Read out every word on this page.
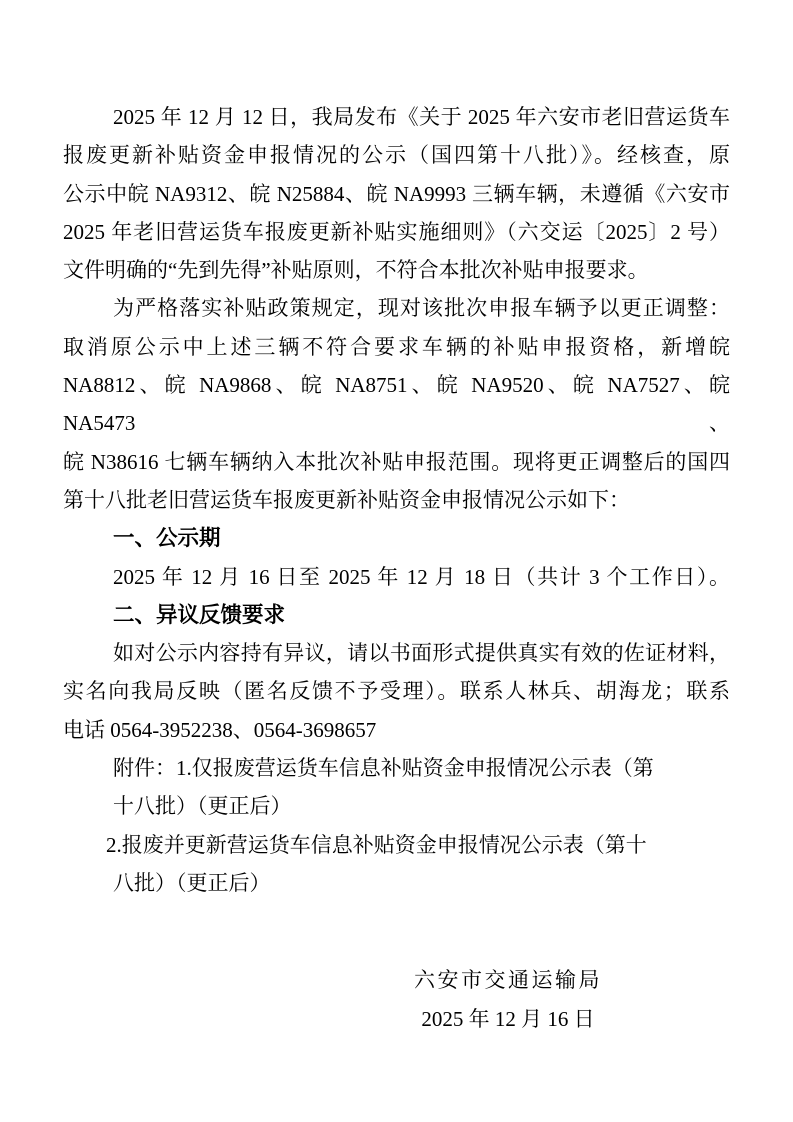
2025 年 12 月 12 日，我局发布《关于 2025 年六安市老旧营运货车

报废更新补贴资金申报情况的公示（国四第十八批）》。经核查，原

公示中皖 NA9312、皖 N25884、皖 NA9993 三辆车辆，未遵循《六安市

2025 年老旧营运货车报废更新补贴实施细则》（六交运〔2025〕2 号）

文件明确的“先到先得”补贴原则，不符合本批次补贴申报要求。

为严格落实补贴政策规定，现对该批次申报车辆予以更正调整：

取消原公示中上述三辆不符合要求车辆的补贴申报资格，新增皖

NA8812、皖 NA9868、皖 NA8751、皖 NA9520、皖 NA7527、皖 NA5473、

皖 N38616 七辆车辆纳入本批次补贴申报范围。现将更正调整后的国四

第十八批老旧营运货车报废更新补贴资金申报情况公示如下：

一、公示期

2025 年 12 月 16 日至 2025 年 12 月 18 日（共计 3 个工作日）。

二、异议反馈要求

如对公示内容持有异议，请以书面形式提供真实有效的佐证材料，

实名向我局反映（匿名反馈不予受理）。联系人林兵、胡海龙；联系

电话 0564-3952238、0564-3698657

附件：1.仅报废营运货车信息补贴资金申报情况公示表（第

十八批）（更正后）

2.报废并更新营运货车信息补贴资金申报情况公示表（第十

八批）（更正后）

六安市交通运输局

2025 年 12 月 16 日
